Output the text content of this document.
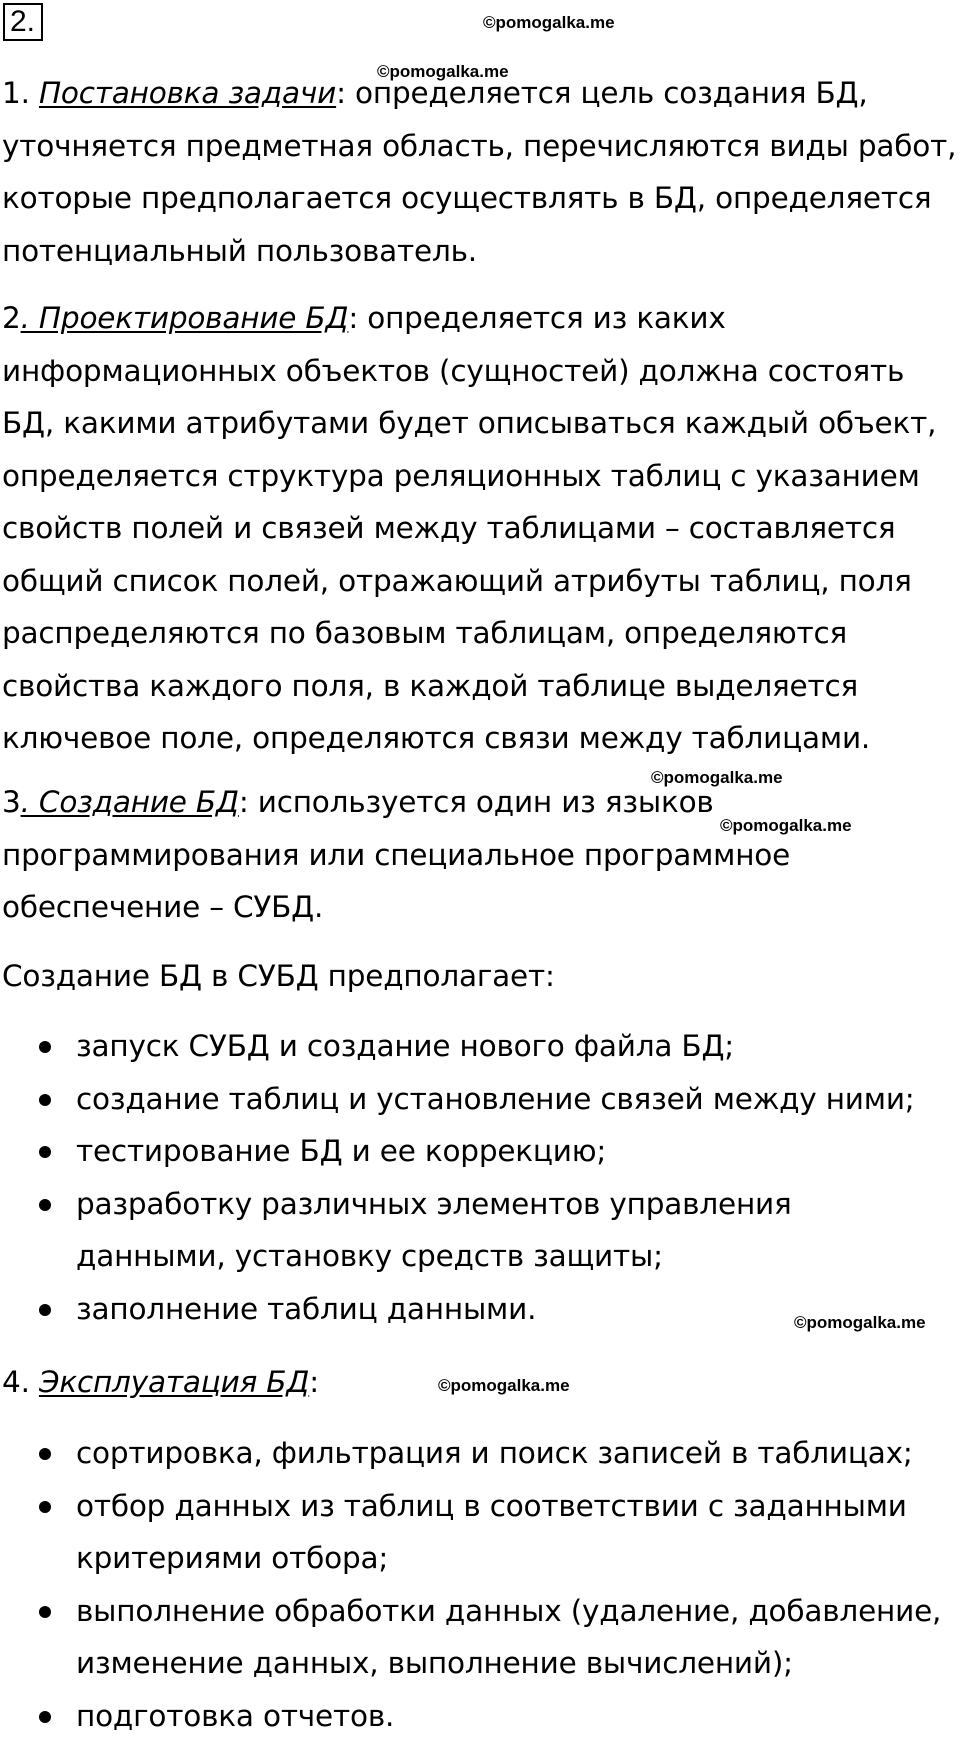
2.	©pomogalka.me
©pomogalka.me
©pomogalka.me
©pomogalka.me
©pomogalka.me
©pomogalka.me
1. Постановка задачи: определяется цель создания БД,
уточняется предметная область, перечисляются виды работ,
которые предполагается осуществлять в БД, определяется
потенциальный пользователь.
2. Проектирование БД: определяется из каких
информационных объектов (сущностей) должна состоять
БД, какими атрибутами будет описываться каждый объект,
определяется структура реляционных таблиц с указанием
свойств полей и связей между таблицами – составляется
общий список полей, отражающий атрибуты таблиц, поля
распределяются по базовым таблицам, определяются
свойства каждого поля, в каждой таблице выделяется
ключевое поле, определяются связи между таблицами.
3. Создание БД: используется один из языков
программирования или специальное программное
обеспечение – СУБД.
Создание БД в СУБД предполагает:
запуск СУБД и создание нового файла БД;
создание таблиц и установление связей между ними;
тестирование БД и ее коррекцию;
разработку различных элементов управления
данными, установку средств защиты;
заполнение таблиц данными.
4. Эксплуатация БД:
сортировка, фильтрация и поиск записей в таблицах;
отбор данных из таблиц в соответствии с заданными
критериями отбора;
выполнение обработки данных (удаление, добавление,
изменение данных, выполнение вычислений);
подготовка отчетов.
